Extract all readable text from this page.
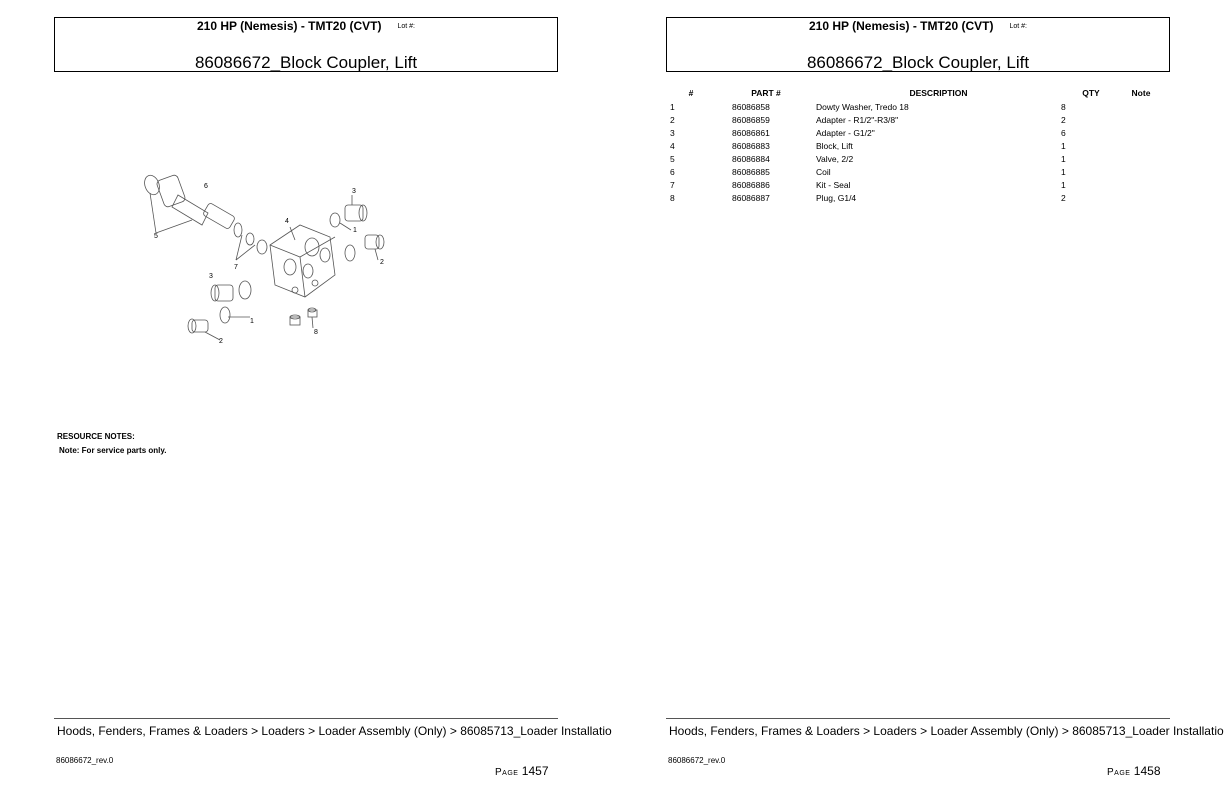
210 HP (Nemesis) - TMT20 (CVT) Lot #:
86086672_Block Coupler, Lift
6
3
4
1
5
7
2
3
1
2
8
RESOURCE NOTES:
Note: For service parts only.
Hoods, Fenders, Frames & Loaders > Loaders > Loader Assembly (Only) > 86085713_Loader Installatio
86086672_rev.0
Page 1457
210 HP (Nemesis) - TMT20 (CVT) Lot #:
86086672_Block Coupler, Lift
#	PART #	DESCRIPTION	QTY	Note
1	86086858	Dowty Washer, Tredo 18	8	
2	86086859	Adapter - R1/2"-R3/8"	2	
3	86086861	Adapter - G1/2"	6	
4	86086883	Block, Lift	1	
5	86086884	Valve, 2/2	1	
6	86086885	Coil	1	
7	86086886	Kit - Seal	1	
8	86086887	Plug, G1/4	2	
Hoods, Fenders, Frames & Loaders > Loaders > Loader Assembly (Only) > 86085713_Loader Installatio
86086672_rev.0
Page 1458
